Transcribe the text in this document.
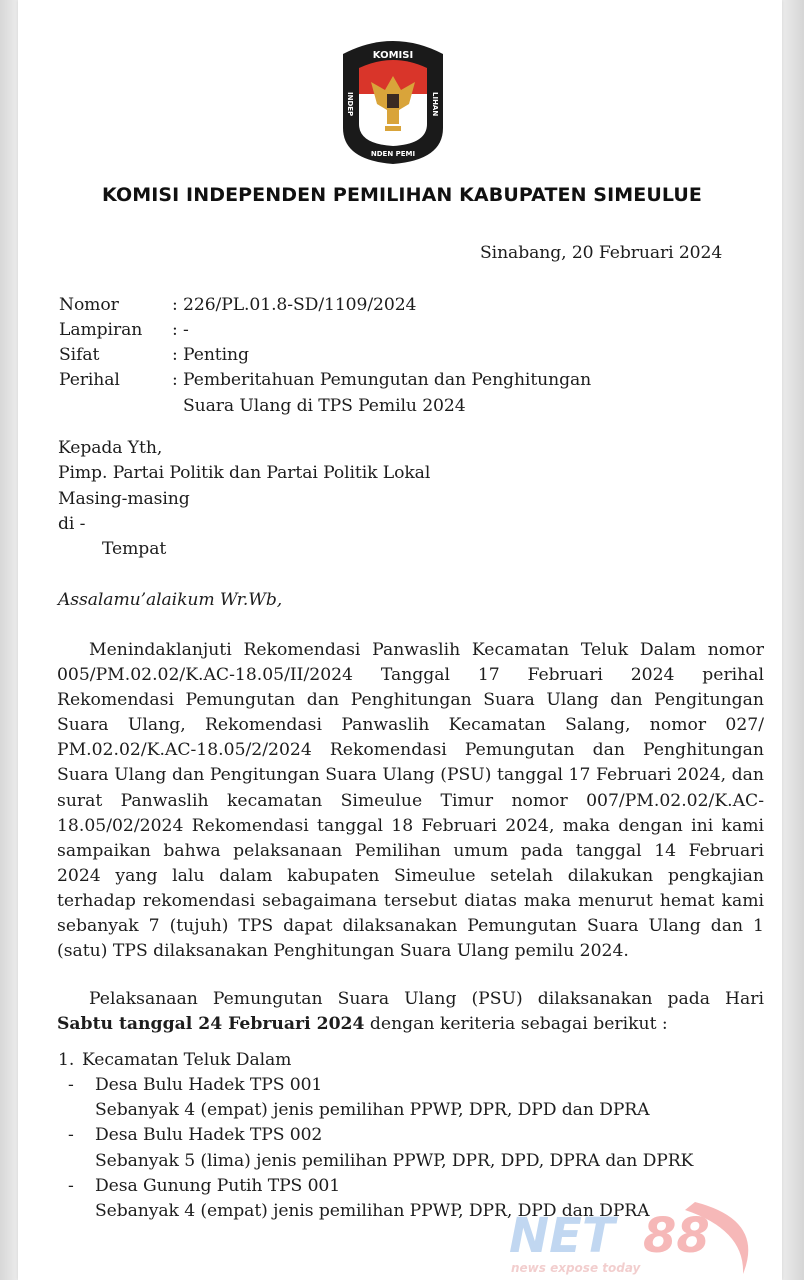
KOMISI
INDEP	LIHAN
NDEN PEMI
KOMISI INDEPENDEN PEMILIHAN KABUPATEN SIMEULUE
Sinabang, 20 Februari 2024
Nomor	: 226/PL.01.8-SD/1109/2024
Lampiran : -
Sifat	: Penting
Perihal	: Pemberitahuan Pemungutan dan Penghitungan
Suara Ulang di TPS Pemilu 2024
Kepada Yth,
Pimp. Partai Politik dan Partai Politik Lokal
Masing-masing
di -
Tempat
Assalamu’alaikum Wr.Wb,
Menindaklanjuti Rekomendasi Panwaslih Kecamatan Teluk Dalam nomor
005/PM.02.02/K.AC-18.05/II/2024 Tanggal 17 Februari 2024 perihal
Rekomendasi Pemungutan dan Penghitungan Suara Ulang dan Pengitungan
Suara Ulang, Rekomendasi Panwaslih Kecamatan Salang, nomor 027/
PM.02.02/K.AC-18.05/2/2024 Rekomendasi Pemungutan dan Penghitungan
Suara Ulang dan Pengitungan Suara Ulang (PSU) tanggal 17 Februari 2024, dan
surat Panwaslih kecamatan Simeulue Timur nomor 007/PM.02.02/K.AC-
18.05/02/2024 Rekomendasi tanggal 18 Februari 2024, maka dengan ini kami
sampaikan bahwa pelaksanaan Pemilihan umum pada tanggal 14 Februari
2024 yang lalu dalam kabupaten Simeulue setelah dilakukan pengkajian
terhadap rekomendasi sebagaimana tersebut diatas maka menurut hemat kami
sebanyak 7 (tujuh) TPS dapat dilaksanakan Pemungutan Suara Ulang dan 1
(satu) TPS dilaksanakan Penghitungan Suara Ulang pemilu 2024.
Pelaksanaan Pemungutan Suara Ulang (PSU) dilaksanakan pada Hari
Sabtu tanggal 24 Februari 2024 dengan keriteria sebagai berikut :
1. Kecamatan Teluk Dalam
- Desa Bulu Hadek TPS 001
Sebanyak 4 (empat) jenis pemilihan PPWP, DPR, DPD dan DPRA
- Desa Bulu Hadek TPS 002
Sebanyak 5 (lima) jenis pemilihan PPWP, DPR, DPD, DPRA dan DPRK
- Desa Gunung Putih TPS 001
Sebanyak 4 (empat) jenis pemilihan PPWP, DPR, DPD dan DPRA
NET 88
news expose today
